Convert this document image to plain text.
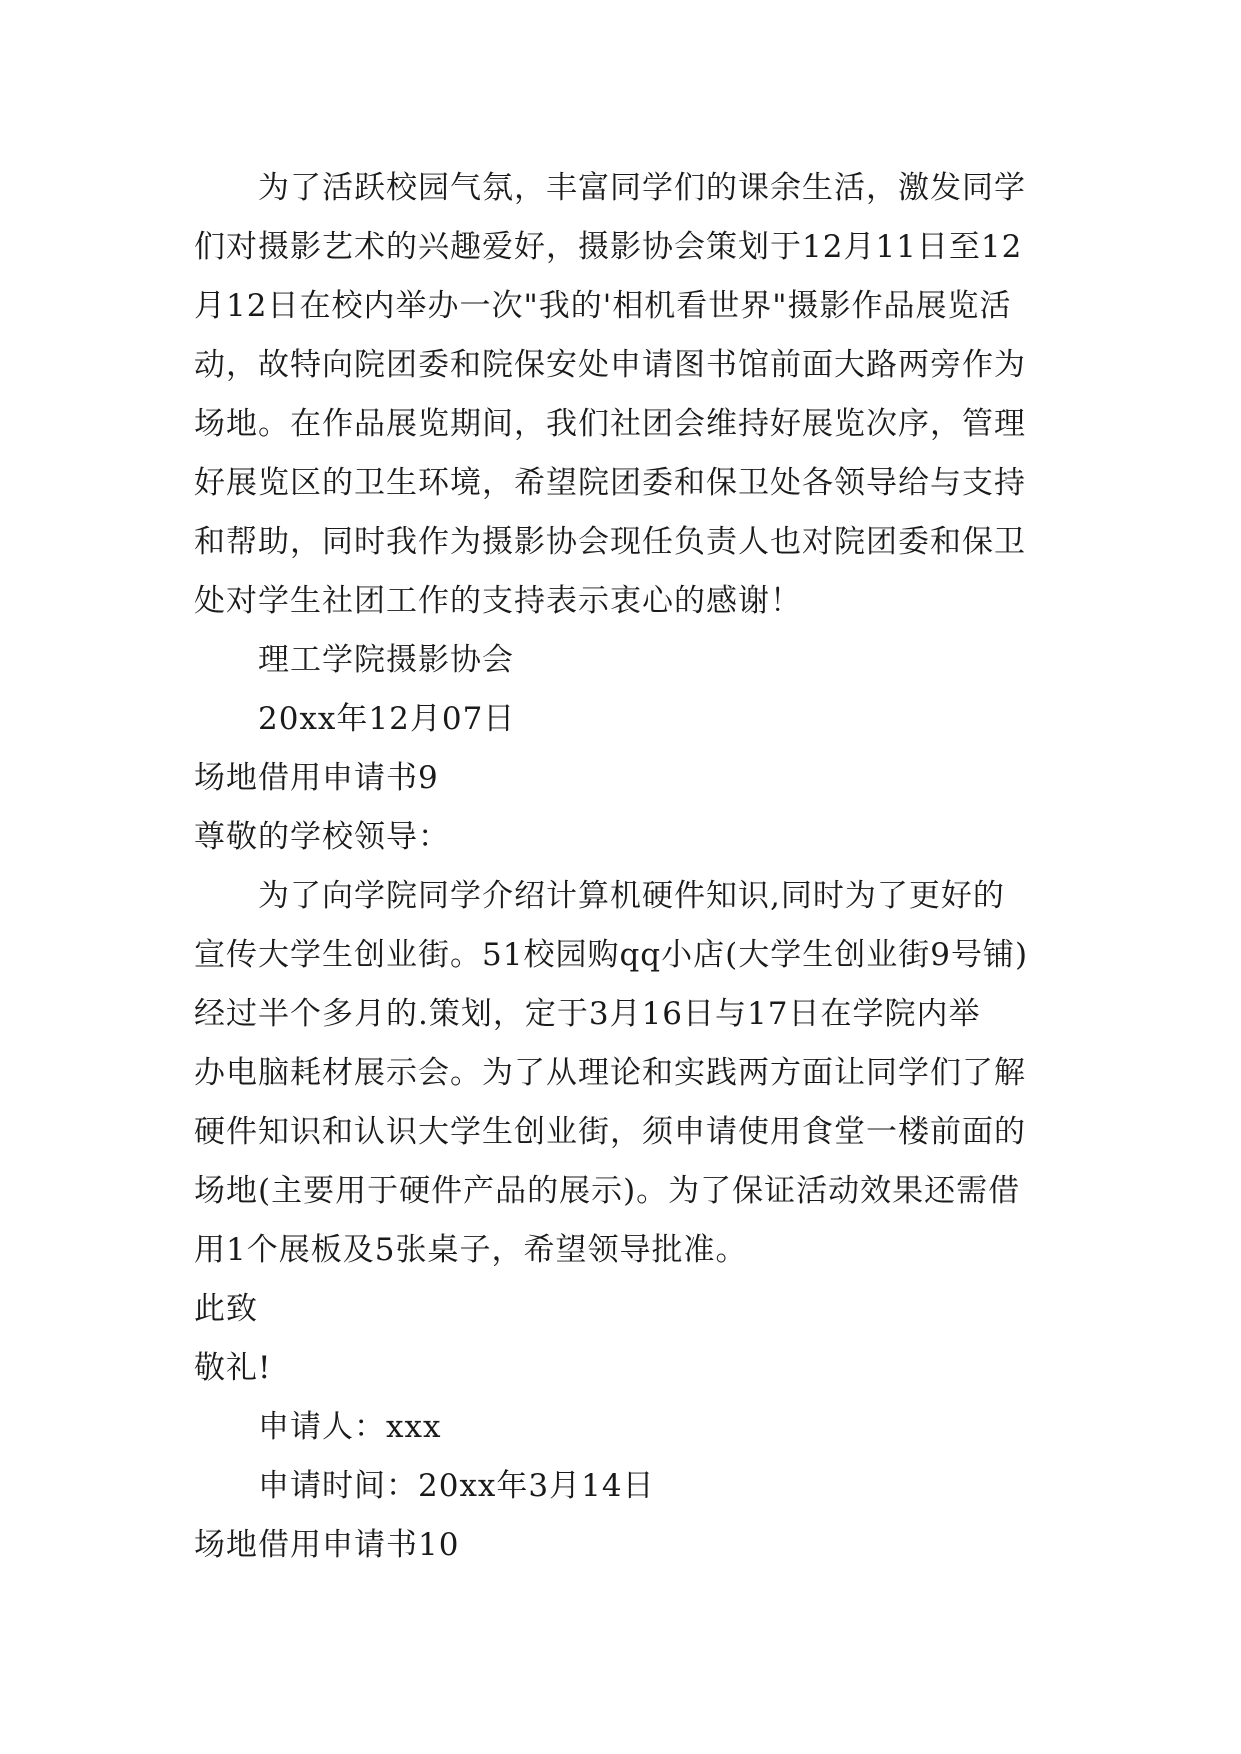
为了活跃校园气氛，丰富同学们的课余生活，激发同学
们对摄影艺术的兴趣爱好，摄影协会策划于12月11日至12
月12日在校内举办一次"我的'相机看世界"摄影作品展览活
动，故特向院团委和院保安处申请图书馆前面大路两旁作为
场地。在作品展览期间，我们社团会维持好展览次序，管理
好展览区的卫生环境，希望院团委和保卫处各领导给与支持
和帮助，同时我作为摄影协会现任负责人也对院团委和保卫
处对学生社团工作的支持表示衷心的感谢！
理工学院摄影协会
20xx年12月07日
场地借用申请书9
尊敬的学校领导：
为了向学院同学介绍计算机硬件知识,同时为了更好的
宣传大学生创业街。51校园购qq小店(大学生创业街9号铺)
经过半个多月的.策划，定于3月16日与17日在学院内举
办电脑耗材展示会。为了从理论和实践两方面让同学们了解
硬件知识和认识大学生创业街，须申请使用食堂一楼前面的
场地(主要用于硬件产品的展示)。为了保证活动效果还需借
用1个展板及5张桌子，希望领导批准。
此致
敬礼!
申请人：xxx
申请时间：20xx年3月14日
场地借用申请书10
